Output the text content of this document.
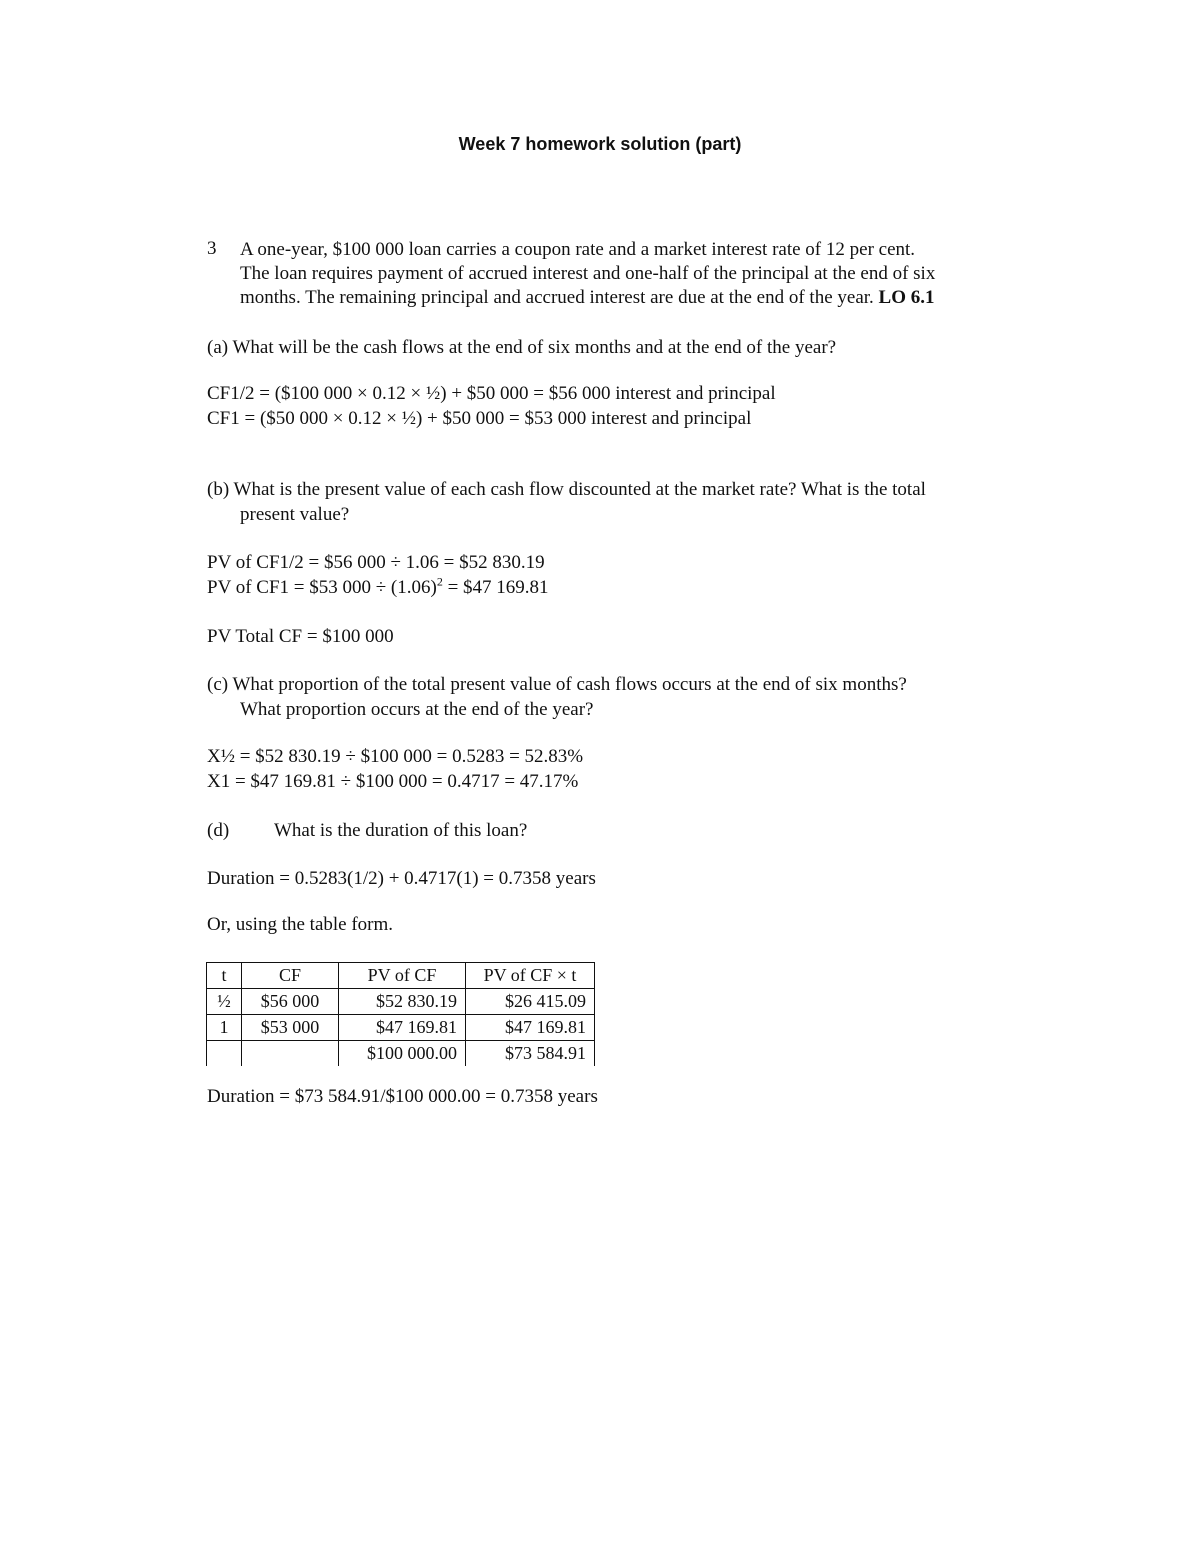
Week 7 homework solution (part)
3 A one-year, $100 000 loan carries a coupon rate and a market interest rate of 12 per cent.
The loan requires payment of accrued interest and one-half of the principal at the end of six
months. The remaining principal and accrued interest are due at the end of the year. LO 6.1
(a) What will be the cash flows at the end of six months and at the end of the year?
CF1/2 = ($100 000 × 0.12 × ½) + $50 000 = $56 000 interest and principal
CF1 = ($50 000 × 0.12 × ½) + $50 000 = $53 000 interest and principal
(b) What is the present value of each cash flow discounted at the market rate? What is the total
present value?
PV of CF1/2 = $56 000 ÷ 1.06 = $52 830.19
PV of CF1 = $53 $000 \div (1.06)^2$ = $47 169.81
PV Total CF = $100 000
(c) What proportion of the total present value of cash flows occurs at the end of six months?
What proportion occurs at the end of the year?
X½ = $52 830.19 ÷ $100 000 = 0.5283 = 52.83%
X1 = $47 169.81 ÷ $100 000 = 0.4717 = 47.17%
(d) What is the duration of this loan?
Duration = 0.5283(1/2) + 0.4717(1) = 0.7358 years
Or, using the table form.
t	CF	PV of CF	PV of CF × t
½	$56 000	$52 830.19	$26 415.09
1	$53 000	$47 169.81	$47 169.81
		$100 000.00	$73 584.91
Duration = $73 584.91/$100 000.00 = 0.7358 years
